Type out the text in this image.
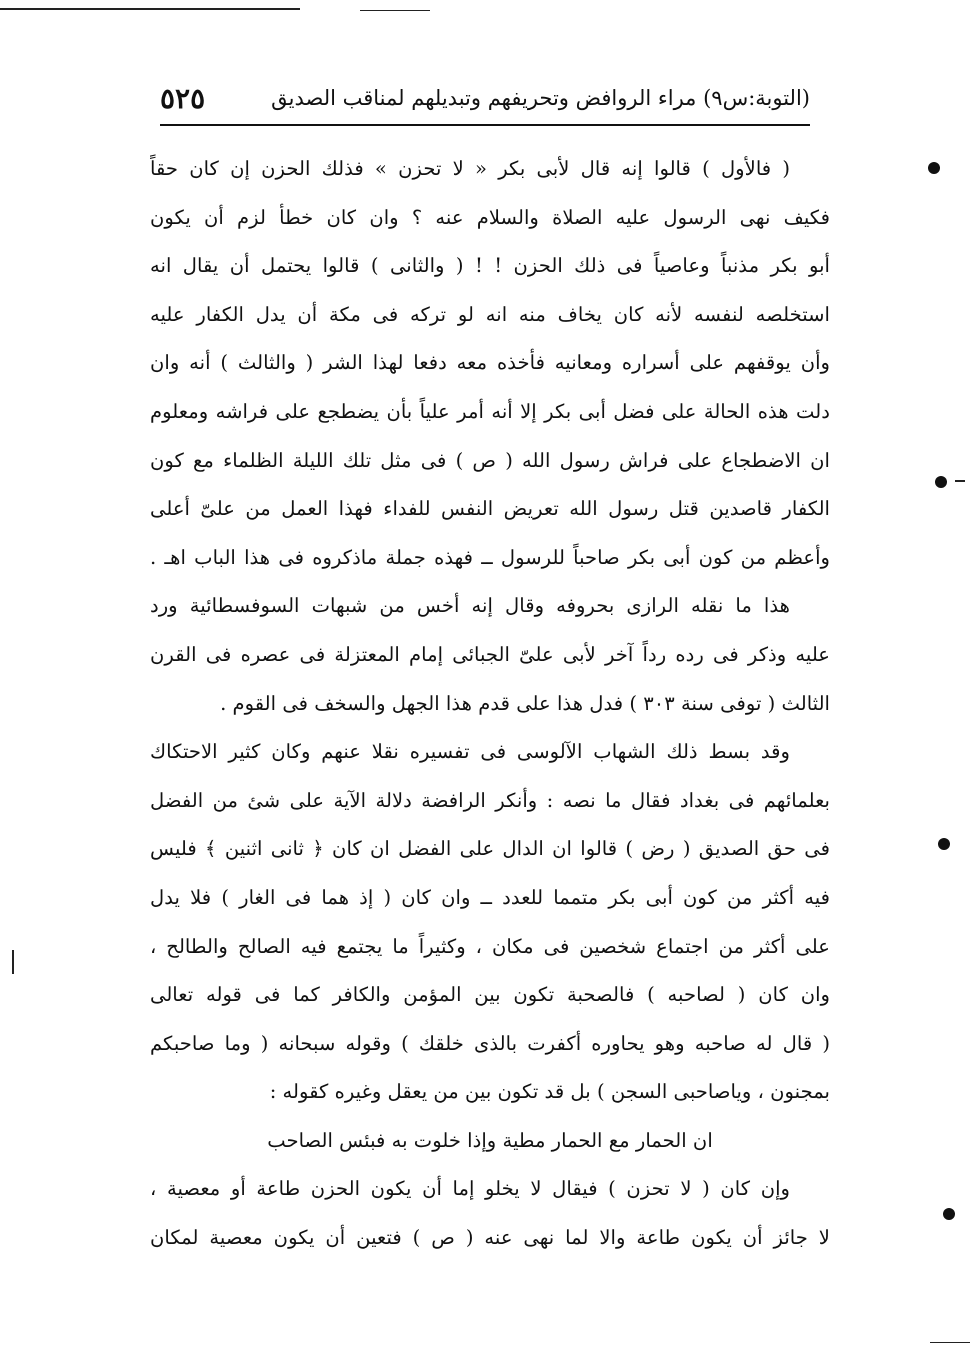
٥٢٥	(التوبة:س٩) مراء الروافض وتحريفهم وتبديلهم لمناقب الصديق
( فالأول ) قالوا إنه قال لأبى بكر « لا تحزن » فذلك الحزن إن كان حقاً
فكيف نهى الرسول عليه الصلاة والسلام عنه ؟ وان كان خطأ لزم أن يكون
أبو بكر مذنباً وعاصياً فى ذلك الحزن ! ! ( والثانى ) قالوا يحتمل أن يقال انه
استخلصه لنفسه لأنه كان يخاف منه انه لو تركه فى مكة أن يدل الكفار عليه
وأن يوقفهم على أسراره ومعانيه فأخذه معه دفعا لهذا الشر ( والثالث ) أنه وان
دلت هذه الحالة على فضل أبى بكر إلا أنه أمر علياً بأن يضطجع على فراشه ومعلوم
ان الاضطجاع على فراش رسول الله ( ص ) فى مثل تلك الليلة الظلماء مع كون
الكفار قاصدين قتل رسول الله تعريض النفس للفداء فهذا العمل من علىّ أعلى
وأعظم من كون أبى بكر صاحباً للرسول ــ فهذه جملة ماذكروه فى هذا الباب اهـ .
هذا ما نقله الرازى بحروفه وقال إنه أخس من شبهات السوفسطائية ورد
عليه وذكر فى رده رداً آخر لأبى علىّ الجبائى إمام المعتزلة فى عصره فى القرن
الثالث ( توفى سنة ٣٠٣ ) فدل هذا على قدم هذا الجهل والسخف فى القوم .
وقد بسط ذلك الشهاب الآلوسى فى تفسيره نقلا عنهم وكان كثير الاحتكاك
بعلمائهم فى بغداد فقال ما نصه : وأنكر الرافضة دلالة الآية على شئ من الفضل
فى حق الصديق ( رض ) قالوا ان الدال على الفضل ان كان ﴿ ثانى اثنين ﴾ فليس
فيه أكثر من كون أبى بكر متمما للعدد ــ وان كان ( إذ هما فى الغار ) فلا يدل
على أكثر من اجتماع شخصين فى مكان ، وكثيراً ما يجتمع فيه الصالح والطالح ،
وان كان ( لصاحبه ) فالصحبة تكون بين المؤمن والكافر كما فى قوله تعالى
( قال له صاحبه وهو يحاوره أكفرت بالذى خلقك ) وقوله سبحانه ( وما صاحبكم
بمجنون ، وياصاحبى السجن ) بل قد تكون بين من يعقل وغيره كقوله :
ان الحمار مع الحمار مطية وإذا خلوت به فبئس الصاحب
وإن كان ( لا تحزن ) فيقال لا يخلو إما أن يكون الحزن طاعة أو معصية ،
لا جائز أن يكون طاعة والا لما نهى عنه ( ص ) فتعين أن يكون معصية لمكان
